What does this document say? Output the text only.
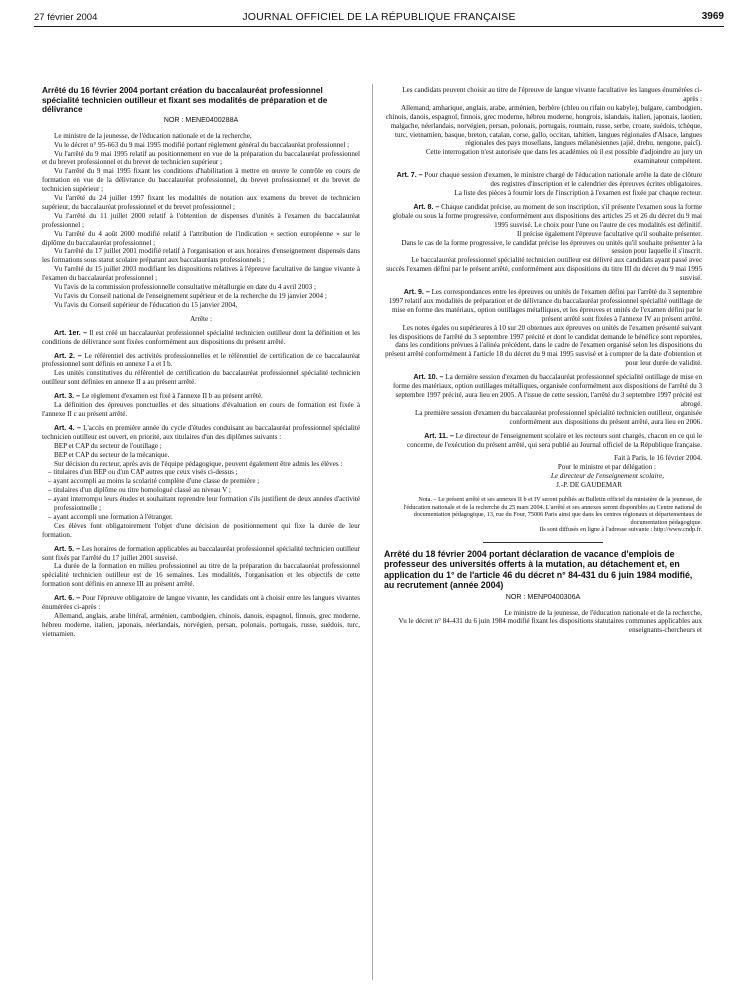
27 février 2004	JOURNAL OFFICIEL DE LA RÉPUBLIQUE FRANÇAISE	3969
Arrêté du 16 février 2004 portant création du baccalauréat professionnel spécialité technicien outilleur et fixant ses modalités de préparation et de délivrance
NOR : MENE0400288A

Le ministre de la jeunesse, de l'éducation nationale et de la recherche,

Vu le décret n° 95-663 du 9 mai 1995 modifié portant règlement général du baccalauréat professionnel ;

Vu l'arrêté du 9 mai 1995 relatif au positionnement en vue de la préparation du baccalauréat professionnel et du brevet professionnel et du brevet de technicien supérieur ;

Vu l'arrêté du 9 mai 1995 fixant les conditions d'habilitation à mettre en œuvre le contrôle en cours de formation en vue de la délivrance du baccalauréat professionnel, du brevet professionnel et du brevet de technicien supérieur ;

Vu l'arrêté du 24 juillet 1997 fixant les modalités de notation aux examens du brevet de technicien supérieur, du baccalauréat professionnel et du brevet professionnel ;

Vu l'arrêté du 11 juillet 2000 relatif à l'obtention de dispenses d'unités à l'examen du baccalauréat professionnel ;

Vu l'arrêté du 4 août 2000 modifié relatif à l'attribution de l'indication « section européenne » sur le diplôme du baccalauréat professionnel ;

Vu l'arrêté du 17 juillet 2001 modifié relatif à l'organisation et aux horaires d'enseignement dispensés dans les formations sous statut scolaire préparant aux baccalauréats professionnels ;

Vu l'arrêté du 15 juillet 2003 modifiant les dispositions relatives à l'épreuve facultative de langue vivante à l'examen du baccalauréat professionnel ;

Vu l'avis de la commission professionnelle consultative métallurgie en date du 4 avril 2003 ;

Vu l'avis du Conseil national de l'enseignement supérieur et de la recherche du 19 janvier 2004 ;

Vu l'avis du Conseil supérieur de l'éducation du 15 janvier 2004,

Arrête :

Art. 1er. – Il est créé un baccalauréat professionnel spécialité technicien outilleur dont la définition et les conditions de délivrance sont fixées conformément aux dispositions du présent arrêté.

Art. 2. – Le référentiel des activités professionnelles et le référentiel de certification de ce baccalauréat professionnel sont définis en annexe I a et I b.

Les unités constitutives du référentiel de certification du baccalauréat professionnel spécialité technicien outilleur sont définies en annexe II a au présent arrêté.

Art. 3. – Le règlement d'examen est fixé à l'annexe II b au présent arrêté.

La définition des épreuves ponctuelles et des situations d'évaluation en cours de formation est fixée à l'annexe II c au présent arrêté.

Art. 4. – L'accès en première année du cycle d'études conduisant au baccalauréat professionnel spécialité technicien outilleur est ouvert, en priorité, aux titulaires d'un des diplômes suivants :

BEP et CAP du secteur de l'outillage ;

BEP et CAP du secteur de la mécanique.

Sur décision du recteur, après avis de l'équipe pédagogique, peuvent également être admis les élèves :

– titulaires d'un BEP ou d'un CAP autres que ceux visés ci-dessus ;

– ayant accompli au moins la scolarité complète d'une classe de première ;

– titulaires d'un diplôme ou titre homologué classé au niveau V ;

– ayant interrompu leurs études et souhaitant reprendre leur formation s'ils justifient de deux années d'activité professionnelle ;

– ayant accompli une formation à l'étranger.

Ces élèves font obligatoirement l'objet d'une décision de positionnement qui fixe la durée de leur formation.

Art. 5. – Les horaires de formation applicables au baccalauréat professionnel spécialité technicien outilleur sont fixés par l'arrêté du 17 juillet 2001 susvisé.

La durée de la formation en milieu professionnel au titre de la préparation du baccalauréat professionnel spécialité technicien outilleur est de 16 semaines. Les modalités, l'organisation et les objectifs de cette formation sont définis en annexe III au présent arrêté.

Art. 6. – Pour l'épreuve obligatoire de langue vivante, les candidats ont à choisir entre les langues vivantes énumérées ci-après :

Allemand, anglais, arabe littéral, arménien, cambodgien, chinois, danois, espagnol, finnois, grec moderne, hébreu moderne, italien, japonais, néerlandais, norvégien, persan, polonais, portugais, russe, suédois, turc, vietnamien.

Les candidats peuvent choisir au titre de l'épreuve de langue vivante facultative les langues énumérées ci-après :

Allemand, amharique, anglais, arabe, arménien, berbère (chleu ou rifain ou kabyle), bulgare, cambodgien, chinois, danois, espagnol, finnois, grec moderne, hébreu moderne, hongrois, islandais, italien, japonais, laotien, malgache, néerlandais, norvégien, persan, polonais, portugais, roumain, russe, serbe, croate, suédois, tchèque, turc, vietnamien, basque, breton, catalan, corse, gallo, occitan, tahitien, langues régionales d'Alsace, langues régionales des pays mosellans, langues mélanésiennes (ajië, drehu, nengone, paicî).

Cette interrogation n'est autorisée que dans les académies où il est possible d'adjoindre au jury un examinateur compétent.

Art. 7. – Pour chaque session d'examen, le ministre chargé de l'éducation nationale arrête la date de clôture des registres d'inscription et le calendrier des épreuves écrites obligatoires.

La liste des pièces à fournir lors de l'inscription à l'examen est fixée par chaque recteur.

Art. 8. – Chaque candidat précise, au moment de son inscription, s'il présente l'examen sous la forme globale ou sous la forme progressive, conformément aux dispositions des articles 25 et 26 du décret du 9 mai 1995 susvisé. Le choix pour l'une ou l'autre de ces modalités est définitif.

Il précise également l'épreuve facultative qu'il souhaite présenter.

Dans le cas de la forme progressive, le candidat précise les épreuves ou unités qu'il souhaite présenter à la session pour laquelle il s'inscrit.

Le baccalauréat professionnel spécialité technicien outilleur est délivré aux candidats ayant passé avec succès l'examen défini par le présent arrêté, conformément aux dispositions du titre III du décret du 9 mai 1995 susvisé.

Art. 9. – Les correspondances entre les épreuves ou unités de l'examen défini par l'arrêté du 3 septembre 1997 relatif aux modalités de préparation et de délivrance du baccalauréat professionnel spécialité outillage de mise en forme des matériaux, option outillages métalliques, et les épreuves et unités de l'examen défini par le présent arrêté sont fixées à l'annexe IV au présent arrêté.

Les notes égales ou supérieures à 10 sur 20 obtenues aux épreuves ou unités de l'examen présenté suivant les dispositions de l'arrêté du 3 septembre 1997 précité et dont le candidat demande le bénéfice sont reportées, dans les conditions prévues à l'alinéa précédent, dans le cadre de l'examen organisé selon les dispositions du présent arrêté conformément à l'article 18 du décret du 9 mai 1995 susvisé et à compter de la date d'obtention et pour leur durée de validité.

Art. 10. – La dernière session d'examen du baccalauréat professionnel spécialité outillage de mise en forme des matériaux, option outillages métalliques, organisée conformément aux dispositions de l'arrêté du 3 septembre 1997 précité, aura lieu en 2005. A l'issue de cette session, l'arrêté du 3 septembre 1997 précité est abrogé.

La première session d'examen du baccalauréat professionnel spécialité technicien outilleur, organisée conformément aux dispositions du présent arrêté, aura lieu en 2006.

Art. 11. – Le directeur de l'enseignement scolaire et les recteurs sont chargés, chacun en ce qui le concerne, de l'exécution du présent arrêté, qui sera publié au Journal officiel de la République française.

Fait à Paris, le 16 février 2004.

Pour le ministre et par délégation :

Le directeur de l'enseignement scolaire,

J.-P. DE GAUDEMAR

Nota. – Le présent arrêté et ses annexes II b et IV seront publiés au Bulletin officiel du ministère de la jeunesse, de l'éducation nationale et de la recherche du 25 mars 2004. L'arrêté et ses annexes seront disponibles au Centre national de documentation pédagogique, 13, rue du Four, 75006 Paris ainsi que dans les centres régionaux et départementaux de documentation pédagogique.

Ils sont diffusés en ligne à l'adresse suivante : http://www.cndp.fr.

Arrêté du 18 février 2004 portant déclaration de vacance d'emplois de professeur des universités offerts à la mutation, au détachement et, en application du 1° de l'article 46 du décret n° 84-431 du 6 juin 1984 modifié, au recrutement (année 2004)
NOR : MENP0400306A

Le ministre de la jeunesse, de l'éducation nationale et de la recherche,

Vu le décret n° 84-431 du 6 juin 1984 modifié fixant les dispositions statutaires communes applicables aux enseignants-chercheurs et
